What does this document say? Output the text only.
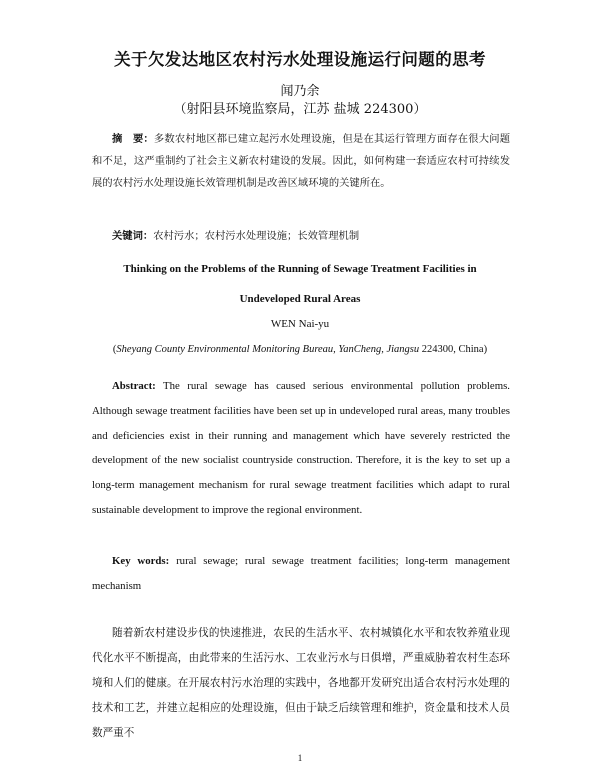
关于欠发达地区农村污水处理设施运行问题的思考
闻乃余
（射阳县环境监察局，江苏 盐城 224300）

摘　要：多数农村地区都已建立起污水处理设施，但是在其运行管理方面存在很大问题和不足，这严重制约了社会主义新农村建设的发展。因此，如何构建一套适应农村可持续发展的农村污水处理设施长效管理机制是改善区域环境的关键所在。

关键词：农村污水；农村污水处理设施；长效管理机制

Thinking on the Problems of the Running of Sewage Treatment Facilities in
Undeveloped Rural Areas
WEN Nai-yu
(Sheyang County Environmental Monitoring Bureau, YanCheng, Jiangsu 224300, China)

Abstract: The rural sewage has caused serious environmental pollution problems. Although sewage treatment facilities have been set up in undeveloped rural areas, many troubles and deficiencies exist in their running and management which have severely restricted the development of the new socialist countryside construction. Therefore, it is the key to set up a long-term management mechanism for rural sewage treatment facilities which adapt to rural sustainable development to improve the regional environment.

Key words: rural sewage; rural sewage treatment facilities; long-term management mechanism

随着新农村建设步伐的快速推进，农民的生活水平、农村城镇化水平和农牧养殖业现代化水平不断提高，由此带来的生活污水、工农业污水与日俱增，严重威胁着农村生态环境和人们的健康。在开展农村污水治理的实践中，各地都开发研究出适合农村污水处理的技术和工艺，并建立起相应的处理设施，但由于缺乏后续管理和维护，资金量和技术人员数严重不

1
